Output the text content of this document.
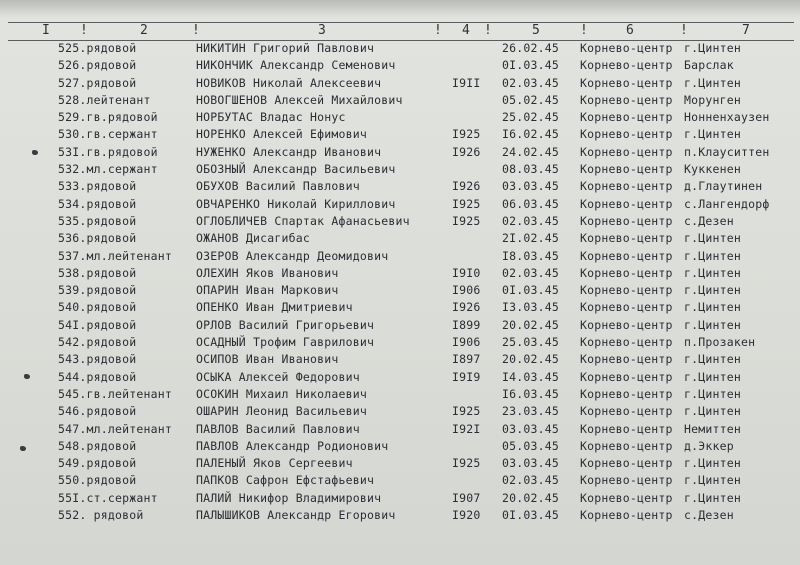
I !	2	!	3	! 4 !	5	!	6	!	7
525.рядовой	НИКИТИН Григорий Павлович	26.02.45 Корнево-центр г.Цинтен
526.рядовой	НИКОНЧИК Александр Семенович	0I.03.45 Корнево-центр Барслак
527.рядовой	НОВИКОВ Николай Алексеевич	I9II 02.03.45 Корнево-центр г.Цинтен
528.лейтенант	НОВОГШЕНОВ Алексей Михайлович	05.02.45 Корнево-центр Морунген
529.гв.рядовой	НОРБУТАС Владас Нонус	25.02.45 Корнево-центр Нонненхаузен
530.гв.сержант	НОРЕНКО Алексей Ефимович	I925 I6.02.45 Корнево-центр г.Цинтен
53I.гв.рядовой	НУЖЕНКО Александр Иванович	I926 24.02.45 Корнево-центр п.Клауситтен
532.мл.сержант	ОБОЗНЫЙ Александр Васильевич	08.03.45 Корнево-центр Куккенен
533.рядовой	ОБУХОВ Василий Павлович	I926 03.03.45 Корнево-центр д.Глаутинен
534.рядовой	ОВЧАРЕНКО Николай Кириллович	I925 06.03.45 Корнево-центр с.Лангендорф
535.рядовой	ОГЛОБЛИЧЕВ Спартак Афанасьевич	I925 02.03.45 Корнево-центр с.Дезен
536.рядовой	ОЖАНОВ Дисагибас	2I.02.45 Корнево-центр г.Цинтен
537.мл.лейтенант ОЗЕРОВ Александр Деомидович	I8.03.45 Корнево-центр г.Цинтен
538.рядовой	ОЛЕХИН Яков Иванович	I9I0 02.03.45 Корнево-центр г.Цинтен
539.рядовой	ОПАРИН Иван Маркович	I906 0I.03.45 Корнево-центр г.Цинтен
540.рядовой	ОПЕНКО Иван Дмитриевич	I926 I3.03.45 Корнево-центр г.Цинтен
54I.рядовой	ОРЛОВ Василий Григорьевич	I899 20.02.45 Корнево-центр г.Цинтен
542.рядовой	ОСАДНЫЙ Трофим Гаврилович	I906 25.03.45 Корнево-центр п.Прозакен
543.рядовой	ОСИПОВ Иван Иванович	I897 20.02.45 Корнево-центр г.Цинтен
544.рядовой	ОСЫКА Алексей Федорович	I9I9 I4.03.45 Корнево-центр г.Цинтен
545.гв.лейтенант ОСОКИН Михаил Николаевич	I6.03.45 Корнево-центр г.Цинтен
546.рядовой	ОШАРИН Леонид Васильевич	I925 23.03.45 Корнево-центр г.Цинтен
547.мл.лейтенант ПАВЛОВ Василий Павлович	I92I 03.03.45 Корнево-центр Немиттен
548.рядовой	ПАВЛОВ Александр Родионович	05.03.45 Корнево-центр д.Эккер
549.рядовой	ПАЛЕНЫЙ Яков Сергеевич	I925 03.03.45 Корнево-центр г.Цинтен
550.рядовой	ПАПКОВ Сафрон Ефстафьевич	02.03.45 Корнево-центр г.Цинтен
55I.ст.сержант	ПАЛИЙ Никифор Владимирович	I907 20.02.45 Корнево-центр г.Цинтен
552. рядовой	ПАЛЫШИКОВ Александр Егорович	I920 0I.03.45 Корнево-центр с.Дезен
